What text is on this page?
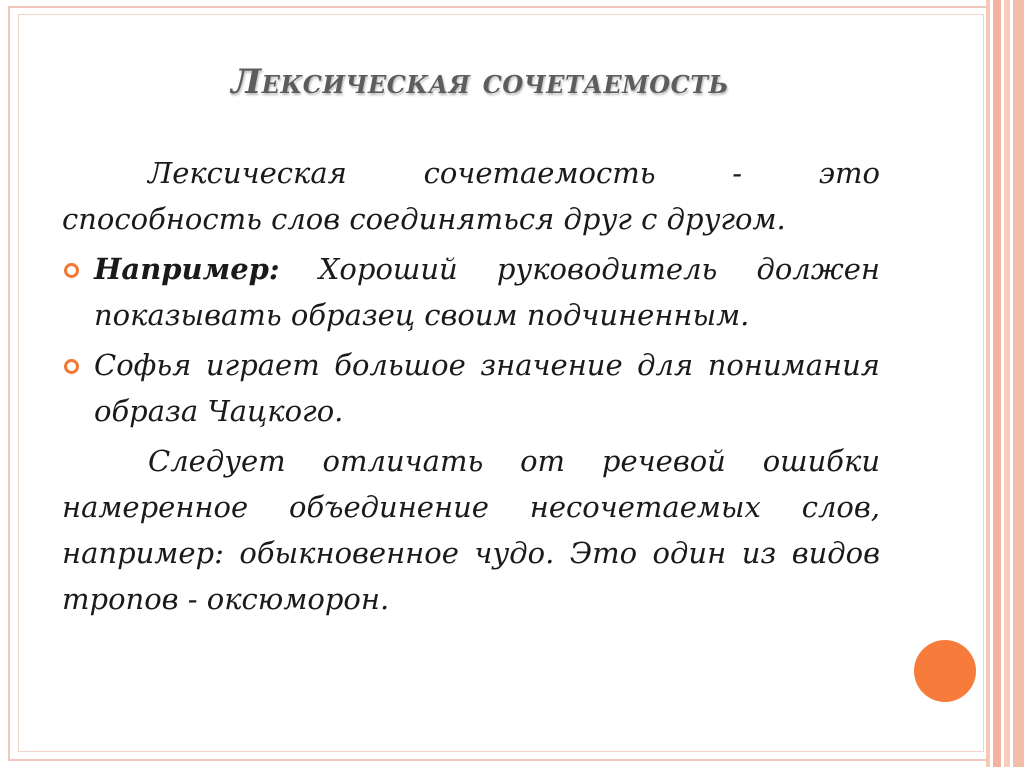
Лексическая сочетаемость

Лексическая сочетаемость - это способность слов соединяться друг с другом.

Например: Хороший руководитель должен показывать образец своим подчиненным.
Софья играет большое значение для понимания образа Чацкого.

Следует отличать от речевой ошибки намеренное объединение несочетаемых слов, например: обыкновенное чудо. Это один из видов тропов - оксюморон.
